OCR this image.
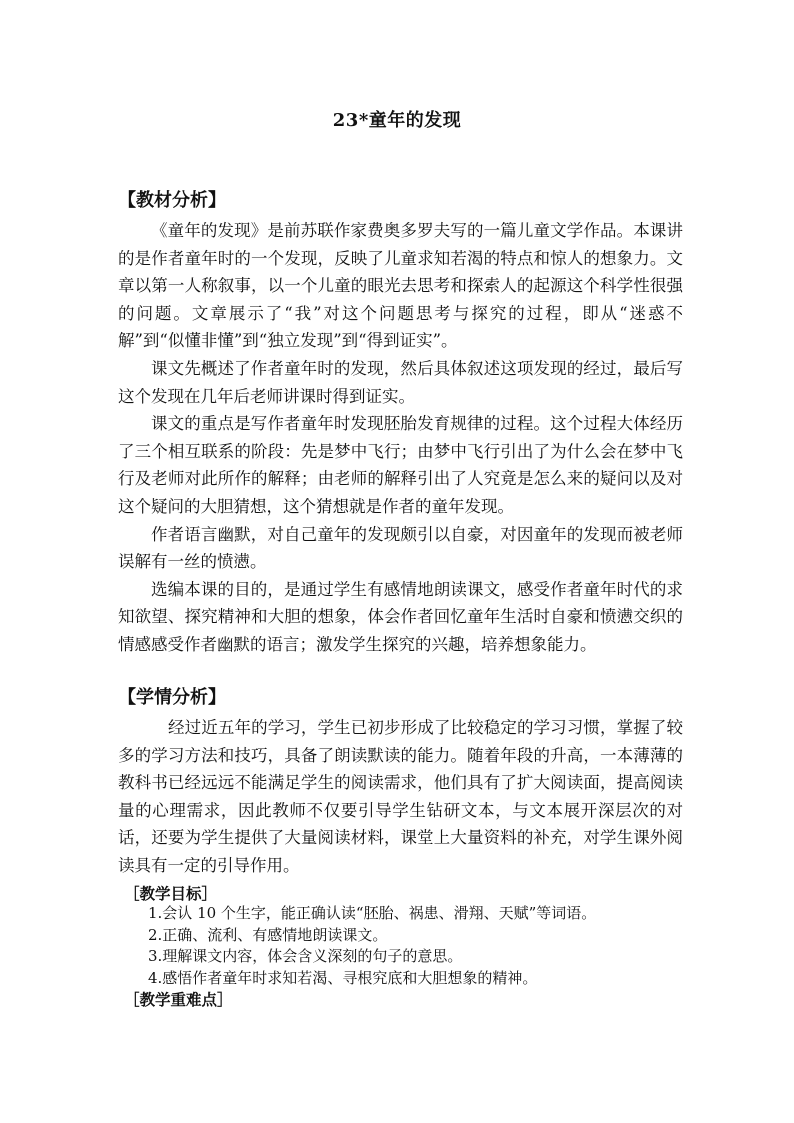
23*童年的发现
【教材分析】

《童年的发现》是前苏联作家费奥多罗夫写的一篇儿童文学作品。本课讲的是作者童年时的一个发现，反映了儿童求知若渴的特点和惊人的想象力。文章以第一人称叙事，以一个儿童的眼光去思考和探索人的起源这个科学性很强的问题。文章展示了“我”对这个问题思考与探究的过程，即从“迷惑不解”到“似懂非懂”到“独立发现”到“得到证实”。

课文先概述了作者童年时的发现，然后具体叙述这项发现的经过，最后写这个发现在几年后老师讲课时得到证实。

课文的重点是写作者童年时发现胚胎发育规律的过程。这个过程大体经历了三个相互联系的阶段：先是梦中飞行；由梦中飞行引出了为什么会在梦中飞行及老师对此所作的解释；由老师的解释引出了人究竟是怎么来的疑问以及对这个疑问的大胆猜想，这个猜想就是作者的童年发现。

作者语言幽默，对自己童年的发现颇引以自豪，对因童年的发现而被老师误解有一丝的愤懑。

选编本课的目的，是通过学生有感情地朗读课文，感受作者童年时代的求知欲望、探究精神和大胆的想象，体会作者回忆童年生活时自豪和愤懑交织的情感感受作者幽默的语言；激发学生探究的兴趣，培养想象能力。

【学情分析】

经过近五年的学习，学生已初步形成了比较稳定的学习习惯，掌握了较多的学习方法和技巧，具备了朗读默读的能力。随着年段的升高，一本薄薄的教科书已经远远不能满足学生的阅读需求，他们具有了扩大阅读面，提高阅读量的心理需求，因此教师不仅要引导学生钻研文本，与文本展开深层次的对话，还要为学生提供了大量阅读材料，课堂上大量资料的补充，对学生课外阅读具有一定的引导作用。

［教学目标］
1.会认 10 个生字，能正确认读“胚胎、祸患、滑翔、天赋”等词语。
2.正确、流利、有感情地朗读课文。
3.理解课文内容，体会含义深刻的句子的意思。
4.感悟作者童年时求知若渴、寻根究底和大胆想象的精神。
［教学重难点］
